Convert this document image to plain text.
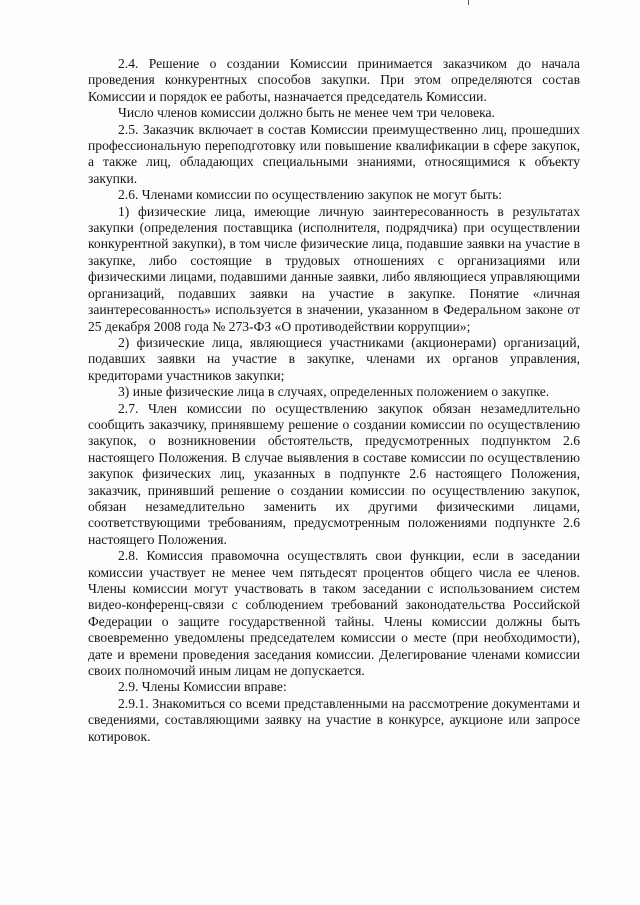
2.4. Решение о создании Комиссии принимается заказчиком до начала проведения конкурентных способов закупки. При этом определяются состав Комиссии и порядок ее работы, назначается председатель Комиссии.

Число членов комиссии должно быть не менее чем три человека.

2.5. Заказчик включает в состав Комиссии преимущественно лиц, прошедших профессиональную переподготовку или повышение квалификации в сфере закупок, а также лиц, обладающих специальными знаниями, относящимися к объекту закупки.

2.6. Членами комиссии по осуществлению закупок не могут быть:

1) физические лица, имеющие личную заинтересованность в результатах закупки (определения поставщика (исполнителя, подрядчика) при осуществлении конкурентной закупки), в том числе физические лица, подавшие заявки на участие в закупке, либо состоящие в трудовых отношениях с организациями или физическими лицами, подавшими данные заявки, либо являющиеся управляющими организаций, подавших заявки на участие в закупке. Понятие «личная заинтересованность» используется в значении, указанном в Федеральном законе от 25 декабря 2008 года № 273-ФЗ «О противодействии коррупции»;

2) физические лица, являющиеся участниками (акционерами) организаций, подавших заявки на участие в закупке, членами их органов управления, кредиторами участников закупки;

3) иные физические лица в случаях, определенных положением о закупке.

2.7. Член комиссии по осуществлению закупок обязан незамедлительно сообщить заказчику, принявшему решение о создании комиссии по осуществлению закупок, о возникновении обстоятельств, предусмотренных подпунктом 2.6 настоящего Положения. В случае выявления в составе комиссии по осуществлению закупок физических лиц, указанных в подпункте 2.6 настоящего Положения, заказчик, принявший решение о создании комиссии по осуществлению закупок, обязан незамедлительно заменить их другими физическими лицами, соответствующими требованиям, предусмотренным положениями подпункте 2.6 настоящего Положения.

2.8. Комиссия правомочна осуществлять свои функции, если в заседании комиссии участвует не менее чем пятьдесят процентов общего числа ее членов. Члены комиссии могут участвовать в таком заседании с использованием систем видео-конференц-связи с соблюдением требований законодательства Российской Федерации о защите государственной тайны. Члены комиссии должны быть своевременно уведомлены председателем комиссии о месте (при необходимости), дате и времени проведения заседания комиссии. Делегирование членами комиссии своих полномочий иным лицам не допускается.

2.9. Члены Комиссии вправе:

2.9.1. Знакомиться со всеми представленными на рассмотрение документами и сведениями, составляющими заявку на участие в конкурсе, аукционе или запросе котировок.
